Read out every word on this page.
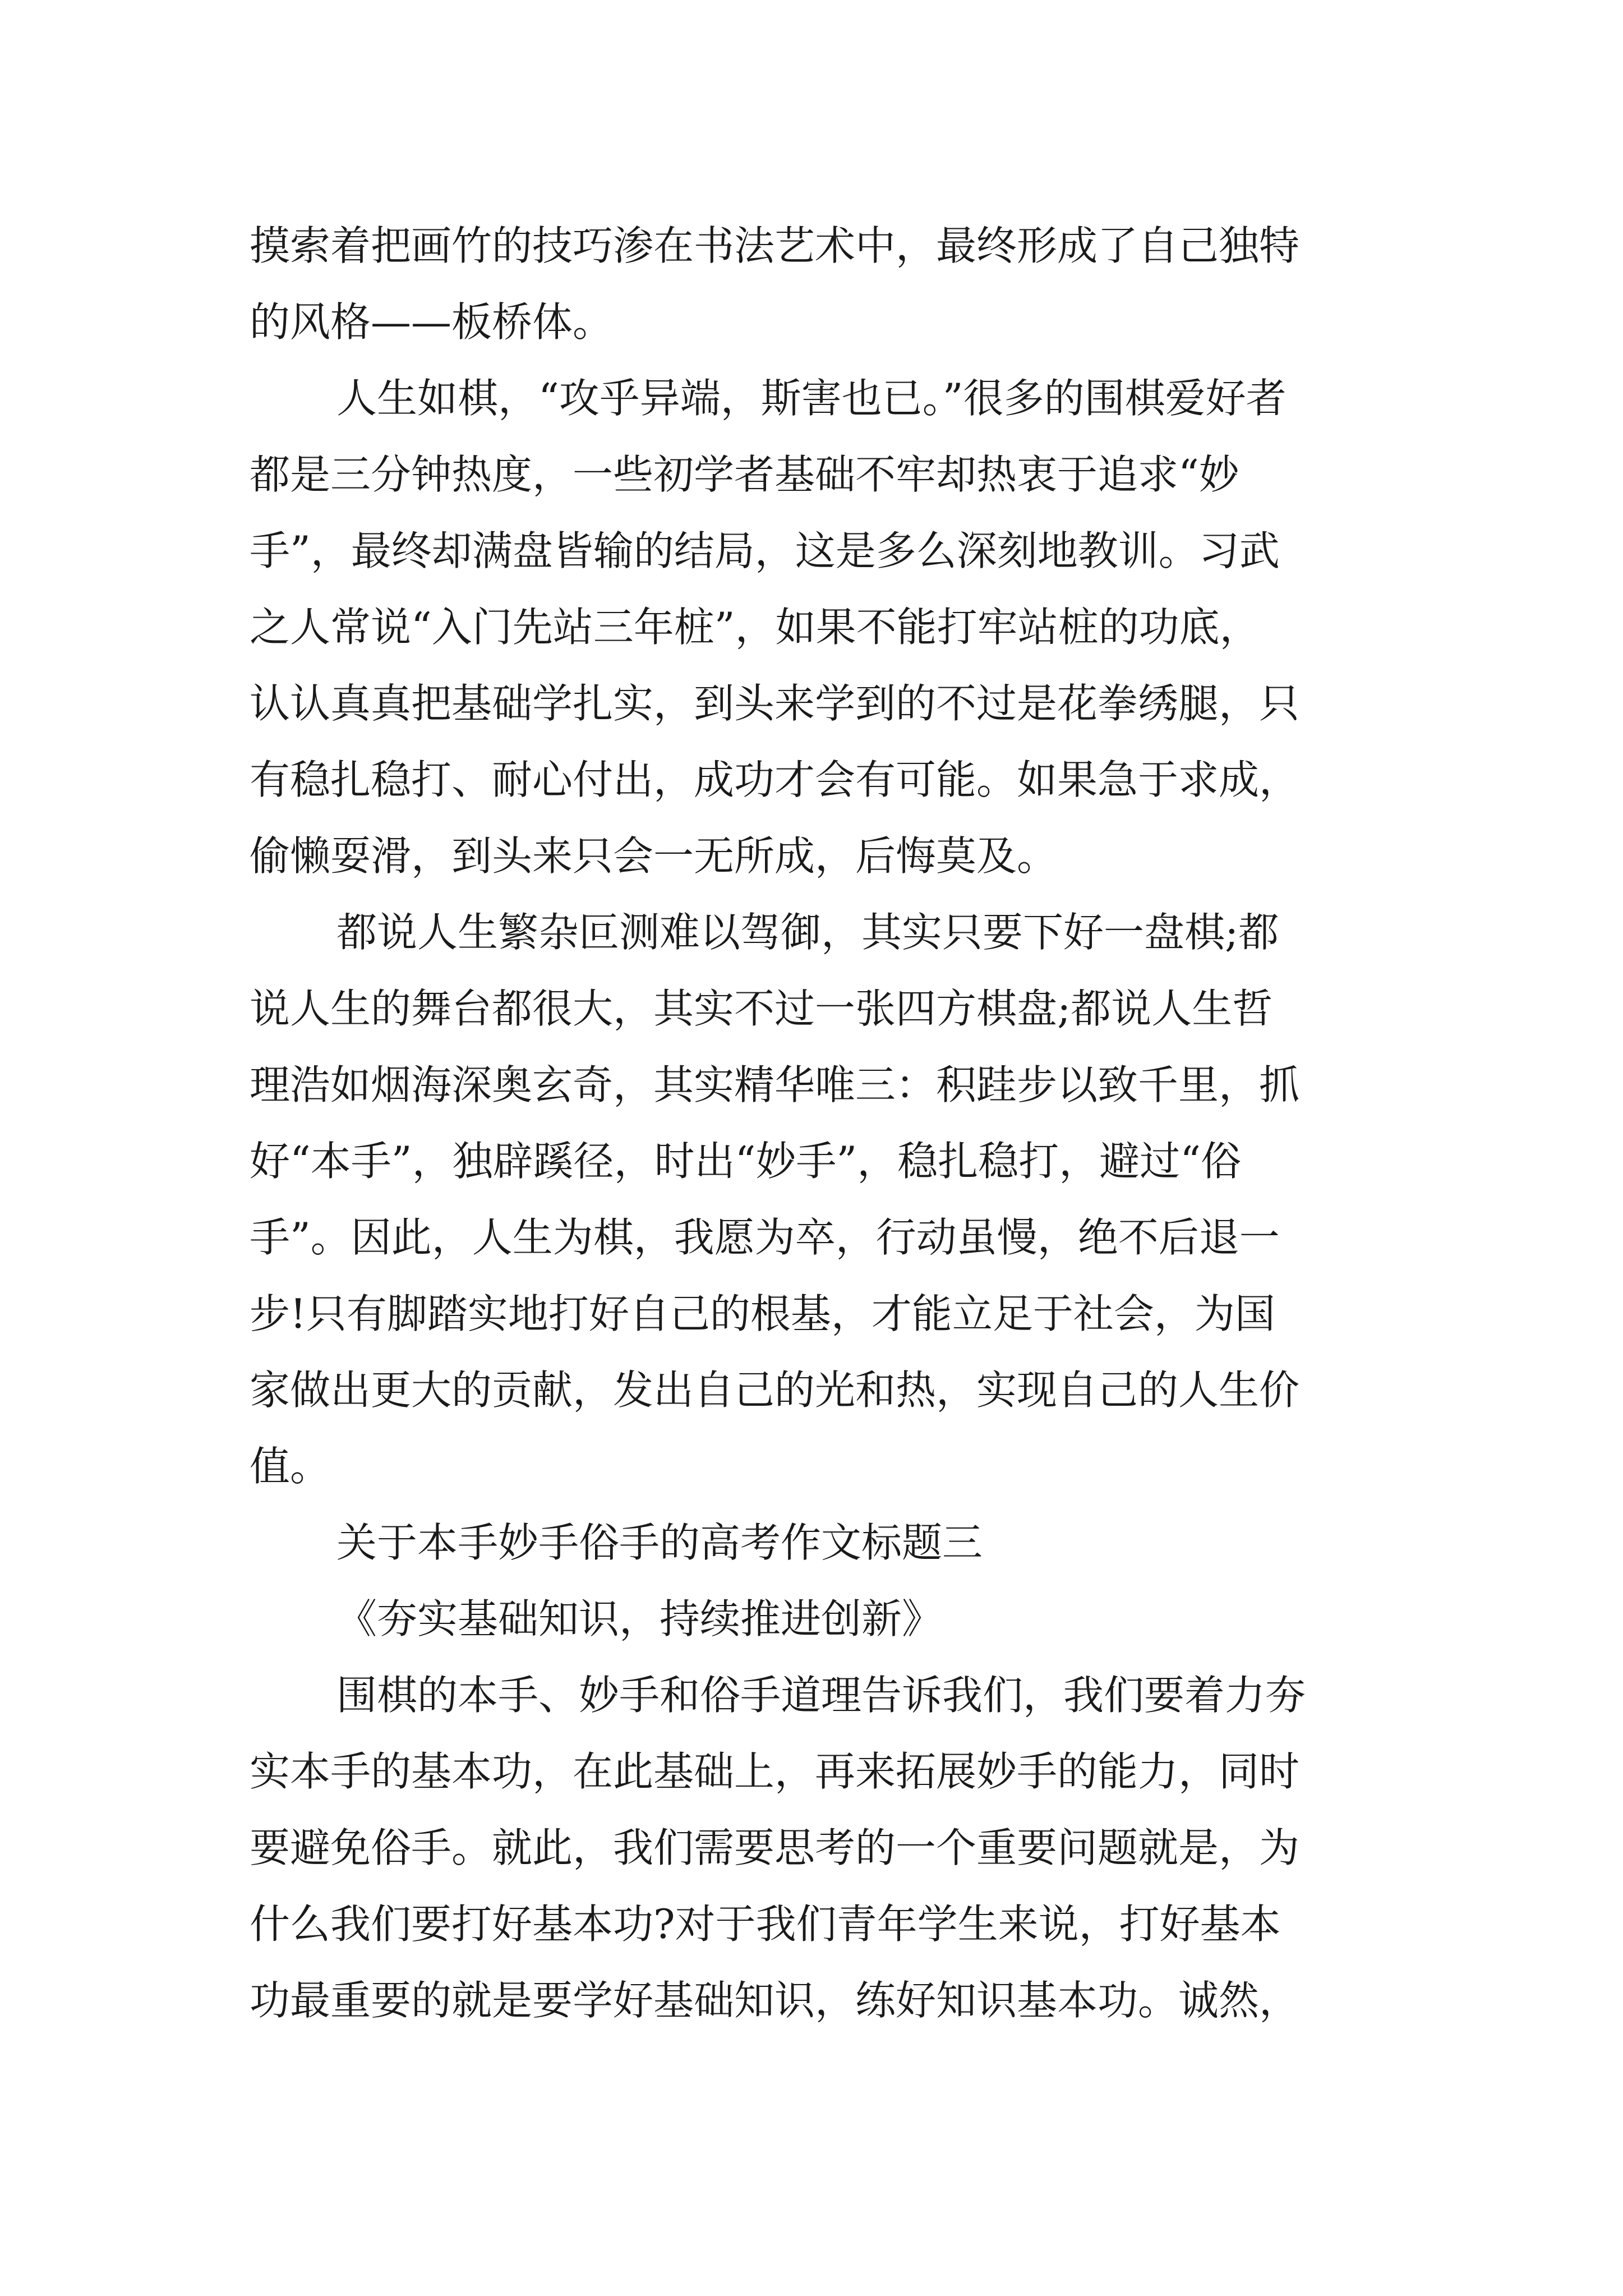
摸索着把画竹的技巧渗在书法艺术中，最终形成了自己独特
的风格——板桥体。
人生如棋，“攻乎异端，斯害也已。”很多的围棋爱好者
都是三分钟热度，一些初学者基础不牢却热衷于追求“妙
手”，最终却满盘皆输的结局，这是多么深刻地教训。习武
之人常说“入门先站三年桩”，如果不能打牢站桩的功底，
认认真真把基础学扎实，到头来学到的不过是花拳绣腿，只
有稳扎稳打、耐心付出，成功才会有可能。如果急于求成，
偷懒耍滑，到头来只会一无所成，后悔莫及。
都说人生繁杂叵测难以驾御，其实只要下好一盘棋;都
说人生的舞台都很大，其实不过一张四方棋盘;都说人生哲
理浩如烟海深奥玄奇，其实精华唯三：积跬步以致千里，抓
好“本手”，独辟蹊径，时出“妙手”，稳扎稳打，避过“俗
手”。因此，人生为棋，我愿为卒，行动虽慢，绝不后退一
步!只有脚踏实地打好自己的根基，才能立足于社会，为国
家做出更大的贡献，发出自己的光和热，实现自己的人生价
值。
关于本手妙手俗手的高考作文标题三
《夯实基础知识，持续推进创新》
围棋的本手、妙手和俗手道理告诉我们，我们要着力夯
实本手的基本功，在此基础上，再来拓展妙手的能力，同时
要避免俗手。就此，我们需要思考的一个重要问题就是，为
什么我们要打好基本功?对于我们青年学生来说，打好基本
功最重要的就是要学好基础知识，练好知识基本功。诚然，
